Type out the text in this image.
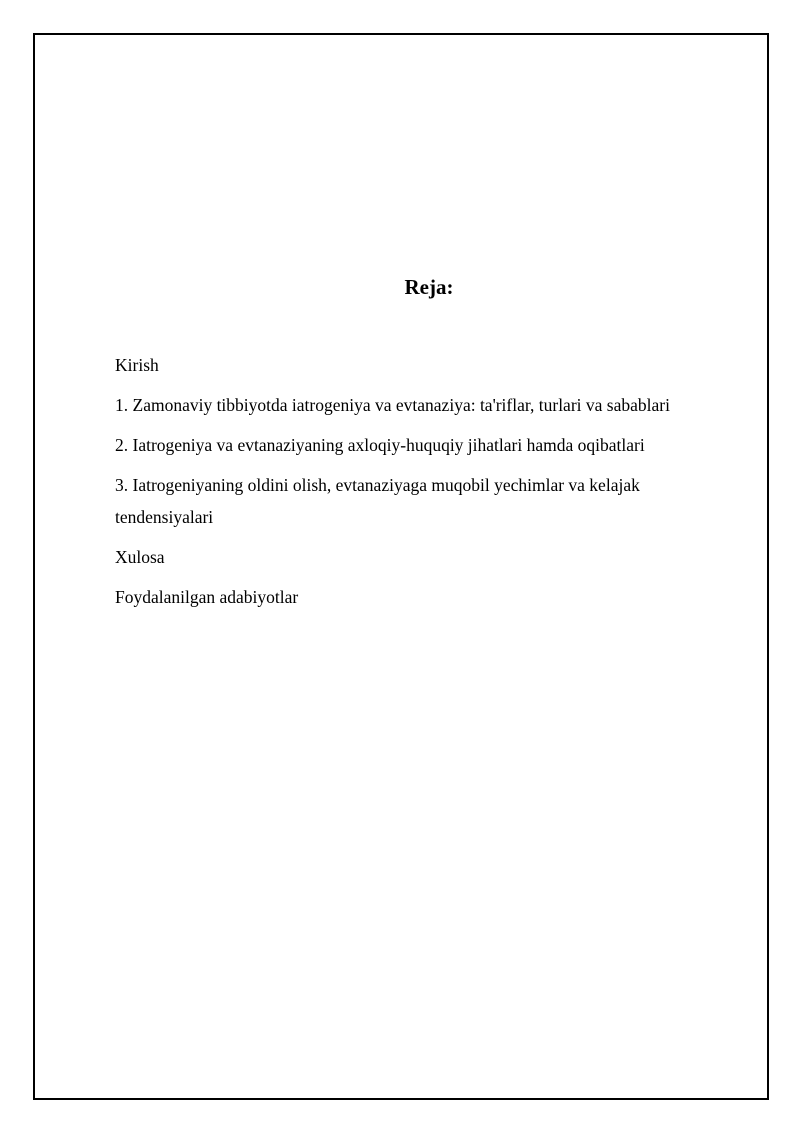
Reja:
Kirish
1. Zamonaviy tibbiyotda iatrogeniya va evtanaziya: ta'riflar, turlari va sabablari
2. Iatrogeniya va evtanaziyaning axloqiy-huquqiy jihatlari hamda oqibatlari
3. Iatrogeniyaning oldini olish, evtanaziyaga muqobil yechimlar va kelajak tendensiyalari
Xulosa
Foydalanilgan adabiyotlar
